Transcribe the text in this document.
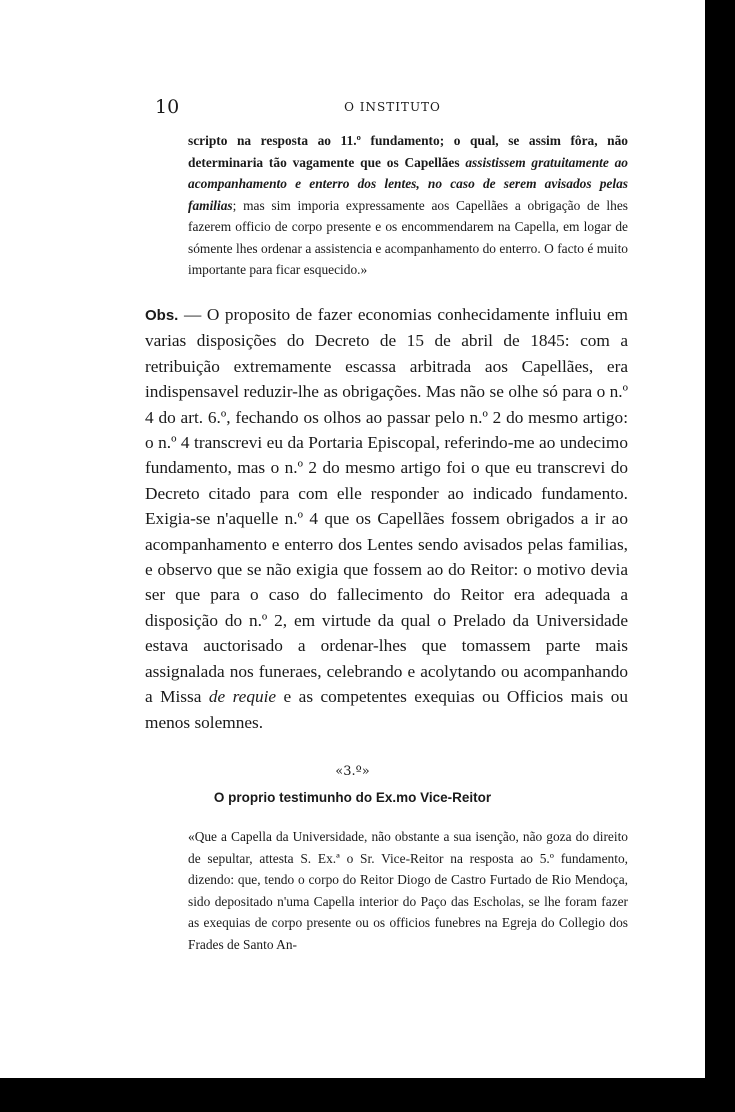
10	O INSTITUTO

scripto na resposta ao 11.º fundamento; o qual, se assim fôra, não determinaria tão vagamente que os Capellães assistissem gratuitamente ao acompanhamento e enterro dos lentes, no caso de serem avisados pelas familias; mas sim imporia expressamente aos Capellães a obrigação de lhes fazerem officio de corpo presente e os encommendarem na Capella, em logar de sómente lhes ordenar a assistencia e acompanhamento do enterro. O facto é muito importante para ficar esquecido.»

Obs. — O proposito de fazer economias conhecidamente influiu em varias disposições do Decreto de 15 de abril de 1845: com a retribuição extremamente escassa arbitrada aos Capellães, era indispensavel reduzir-lhe as obrigações. Mas não se olhe só para o n.º 4 do art. 6.º, fechando os olhos ao passar pelo n.º 2 do mesmo artigo: o n.º 4 transcrevi eu da Portaria Episcopal, referindo-me ao undecimo fundamento, mas o n.º 2 do mesmo artigo foi o que eu transcrevi do Decreto citado para com elle responder ao indicado fundamento. Exigia-se n'aquelle n.º 4 que os Capellães fossem obrigados a ir ao acompanhamento e enterro dos Lentes sendo avisados pelas familias, e observo que se não exigia que fossem ao do Reitor: o motivo devia ser que para o caso do fallecimento do Reitor era adequada a disposição do n.º 2, em virtude da qual o Prelado da Universidade estava auctorisado a ordenar-lhes que tomassem parte mais assignalada nos funeraes, celebrando e acolytando ou acompanhando a Missa de requie e as competentes exequias ou Officios mais ou menos solemnes.

«3.º»
O proprio testimunho do Ex.mo Vice-Reitor

«Que a Capella da Universidade, não obstante a sua isenção, não goza do direito de sepultar, attesta S. Ex.ª o Sr. Vice-Reitor na resposta ao 5.º fundamento, dizendo: que, tendo o corpo do Reitor Diogo de Castro Furtado de Rio Mendoça, sido depositado n'uma Capella interior do Paço das Escholas, se lhe foram fazer as exequias de corpo presente ou os officios funebres na Egreja do Collegio dos Frades de Santo An-
